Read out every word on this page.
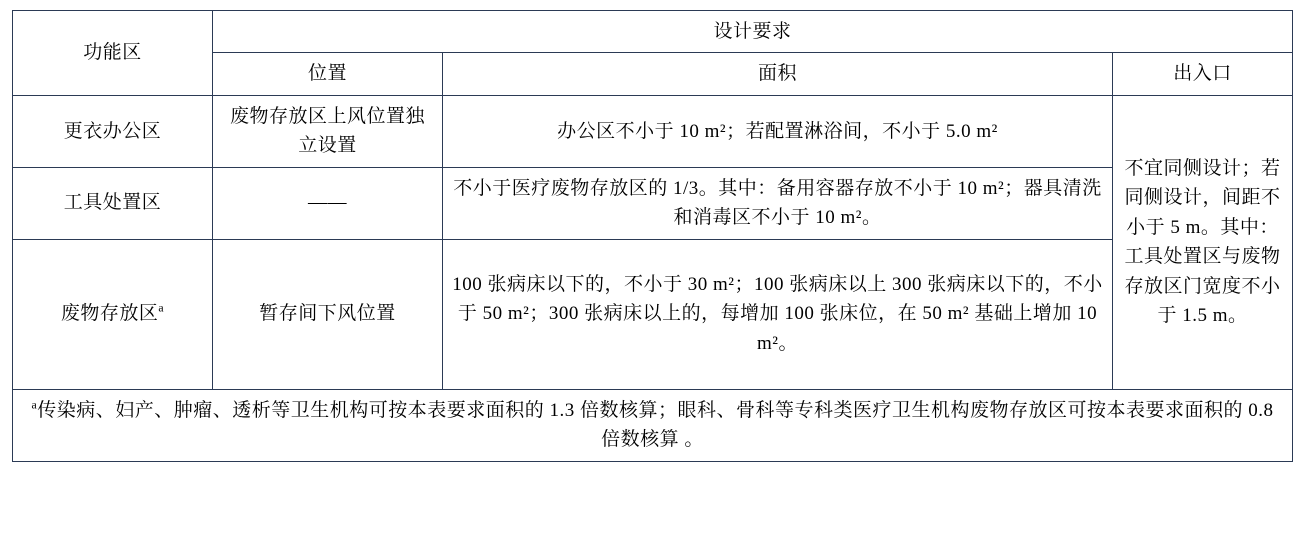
功能区	设计要求		
	位置	面积	出入口
更衣办公区	废物存放区上风位置独立设置	办公区不小于 10 m²；若配置淋浴间，不小于 5.0 m²	不宜同侧设计；若同侧设计，间距不小于 5 m。其中：工具处置区与废物存放区门宽度不小于 1.5 m。
工具处置区	——	不小于医疗废物存放区的 1/3。其中：备用容器存放不小于 10 m²；器具清洗和消毒区不小于 10 m²。	
废物存放区$^a$	暂存间下风位置	100 张病床以下的，不小于 30 m²；100 张病床以上 300 张病床以下的，不小于 50 m²；300 张病床以上的，每增加 100 张床位，在 50 m² 基础上增加 10 m²。	
$^a$传染病、妇产、肿瘤、透析等卫生机构可按本表要求面积的 1.3 倍数核算；眼科、骨科等专科类医疗卫生机构废物存放区可按本表要求面积的 0.8 倍数核算 。			
